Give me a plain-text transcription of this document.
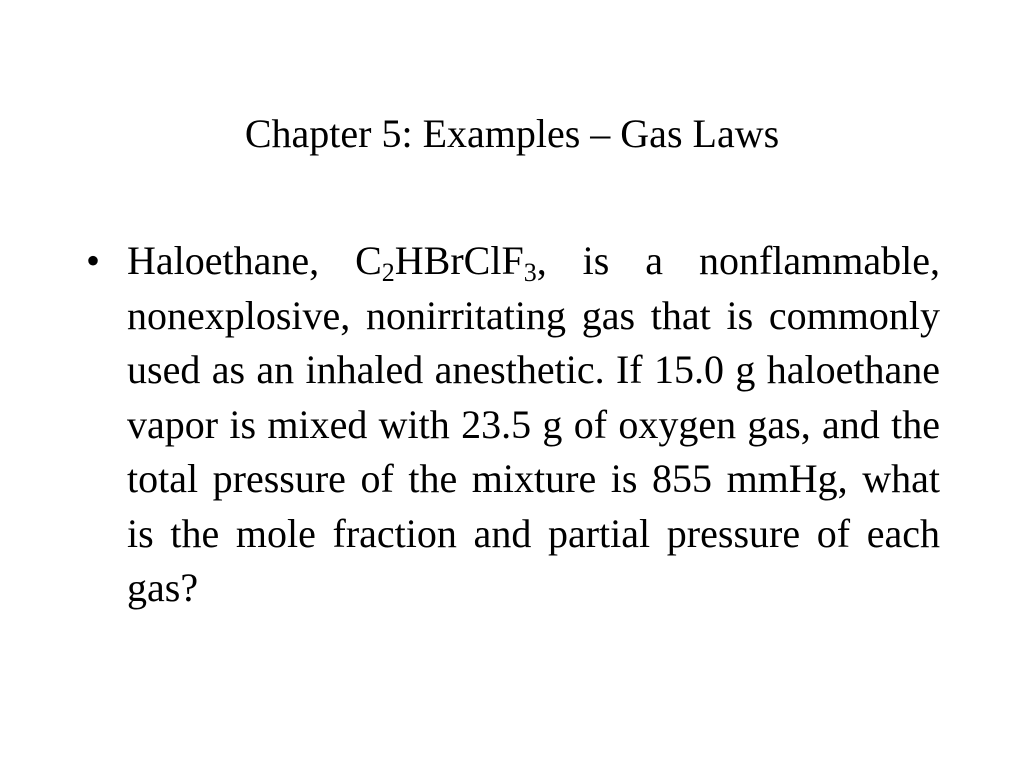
Chapter 5: Examples – Gas Laws
• Haloethane, $C_2HBrClF_3$, is a nonflammable, nonexplosive, nonirritating gas that is commonly used as an inhaled anesthetic. If 15.0 g haloethane vapor is mixed with 23.5 g of oxygen gas, and the total pressure of the mixture is 855 mmHg, what is the mole fraction and partial pressure of each gas?
